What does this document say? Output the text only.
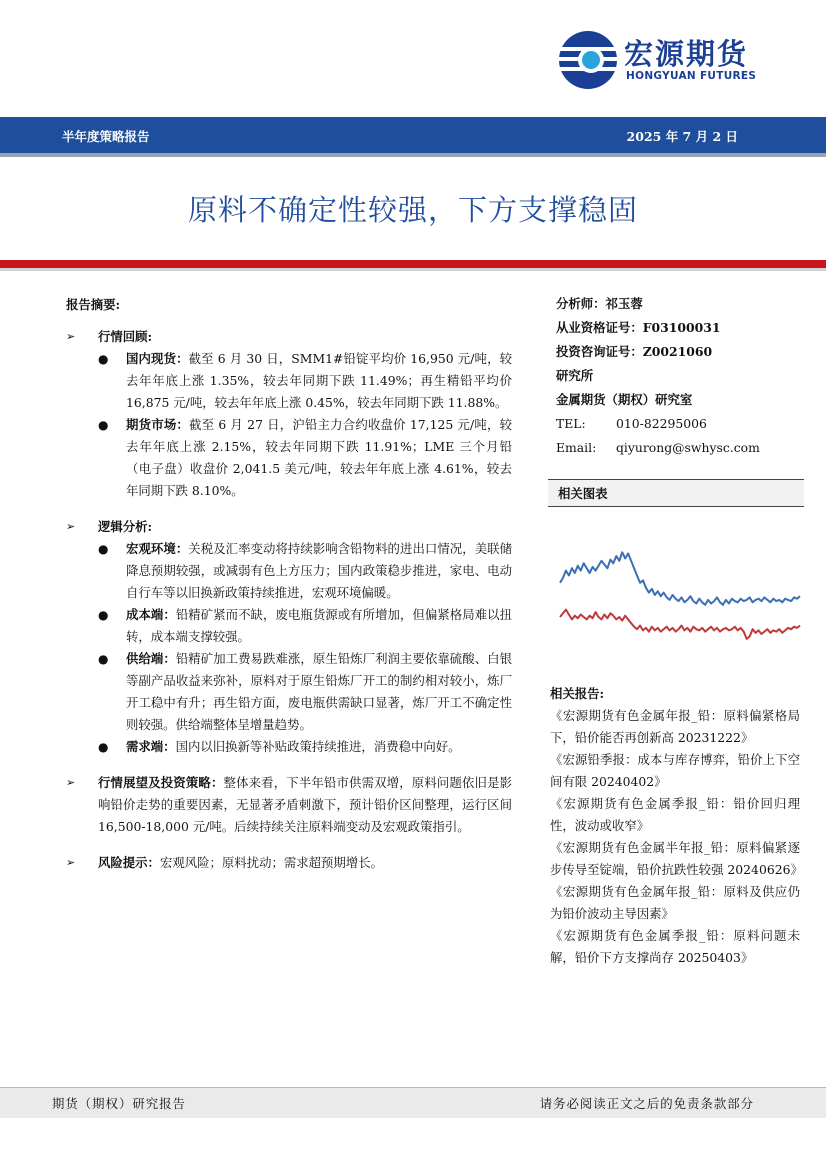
宏源期货
HONGYUAN FUTURES
半年度策略报告	2025 年 7 月 2 日
原料不确定性较强，下方支撑稳固

报告摘要:

➢ 行情回顾:

● 国内现货：截至 6 月 30 日，SMM1#铅锭平均价 16,950 元/吨，较去年年底上涨 1.35%，较去年同期下跌 11.49%；再生精铅平均价 16,875 元/吨，较去年年底上涨 0.45%，较去年同期下跌 11.88%。

● 期货市场：截至 6 月 27 日，沪铅主力合约收盘价 17,125 元/吨，较去年年底上涨 2.15%，较去年同期下跌 11.91%；LME 三个月铅（电子盘）收盘价 2,041.5 美元/吨，较去年年底上涨 4.61%，较去年同期下跌 8.10%。

➢ 逻辑分析:

● 宏观环境：关税及汇率变动将持续影响含铅物料的进出口情况，美联储降息预期较强，或减弱有色上方压力；国内政策稳步推进，家电、电动自行车等以旧换新政策持续推进，宏观环境偏暖。

● 成本端：铅精矿紧而不缺，废电瓶货源或有所增加，但偏紧格局难以扭转，成本端支撑较强。

● 供给端：铅精矿加工费易跌难涨，原生铅炼厂利润主要依靠硫酸、白银等副产品收益来弥补，原料对于原生铅炼厂开工的制约相对较小，炼厂开工稳中有升；再生铅方面，废电瓶供需缺口显著，炼厂开工不确定性则较强。供给端整体呈增量趋势。

● 需求端：国内以旧换新等补贴政策持续推进，消费稳中向好。

➢ 行情展望及投资策略：整体来看，下半年铅市供需双增，原料问题依旧是影响铅价走势的重要因素，无显著矛盾刺激下，预计铅价区间整理，运行区间 16,500-18,000 元/吨。后续持续关注原料端变动及宏观政策指引。

➢ 风险提示：宏观风险；原料扰动；需求超预期增长。

分析师：祁玉蓉
从业资格证号：F03100031
投资咨询证号：Z0021060
研究所
金属期货（期权）研究室
TEL: 010-82295006
Email: qiyurong@swhysc.com
相关图表

相关报告:

《宏源期货有色金属年报_铅：原料偏紧格局下，铅价能否再创新高 20231222》

《宏源铅季报：成本与库存博弈，铅价上下空间有限 20240402》

《宏源期货有色金属季报_铅：铅价回归理性，波动或收窄》

《宏源期货有色金属半年报_铅：原料偏紧逐步传导至锭端，铅价抗跌性较强 20240626》

《宏源期货有色金属年报_铅：原料及供应仍为铅价波动主导因素》

《宏源期货有色金属季报_铅：原料问题未解，铅价下方支撑尚存 20250403》

期货（期权）研究报告	请务必阅读正文之后的免责条款部分
